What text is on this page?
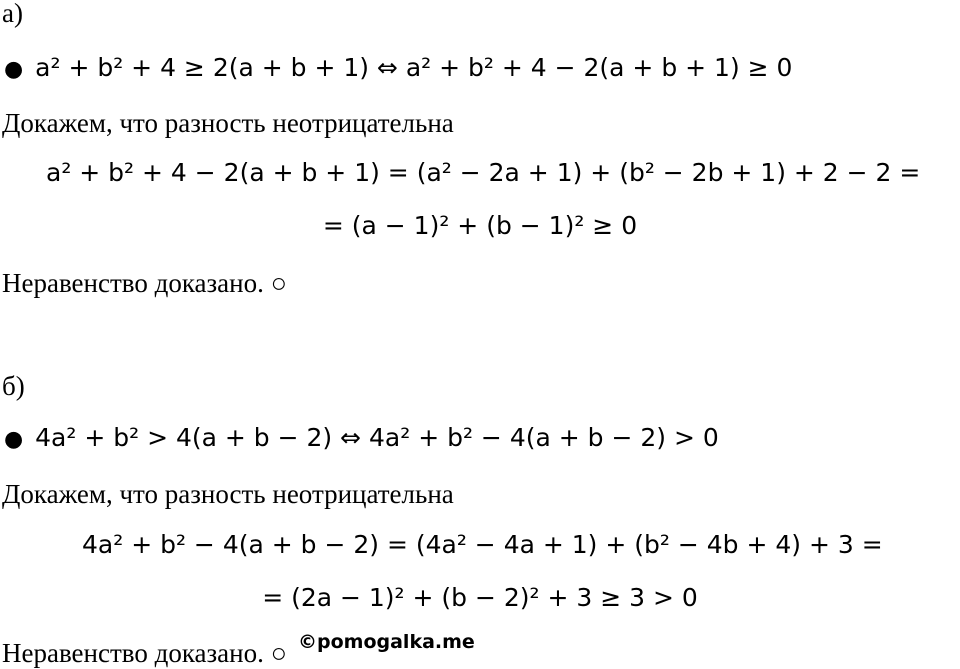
а)
● a² + b² + 4 ≥ 2(a + b + 1) ⇔ a² + b² + 4 − 2(a + b + 1) ≥ 0
Докажем, что разность неотрицательна
a² + b² + 4 − 2(a + b + 1) = (a² − 2a + 1) + (b² − 2b + 1) + 2 − 2 =
= (a − 1)² + (b − 1)² ≥ 0
Неравенство доказано. ○
б)
● 4a² + b² > 4(a + b − 2) ⇔ 4a² + b² − 4(a + b − 2) > 0
Докажем, что разность неотрицательна
4a² + b² − 4(a + b − 2) = (4a² − 4a + 1) + (b² − 4b + 4) + 3 =
= (2a − 1)² + (b − 2)² + 3 ≥ 3 > 0
Неравенство доказано. ○ ©pomogalka.me
